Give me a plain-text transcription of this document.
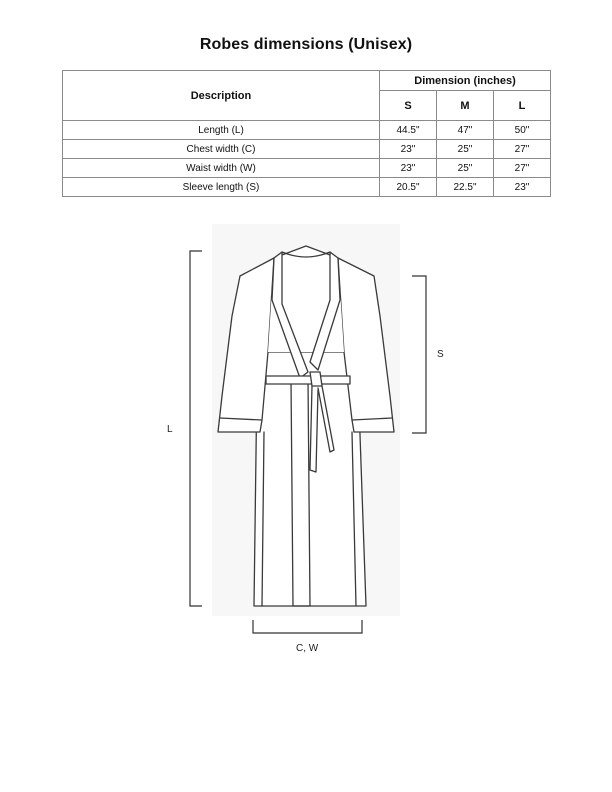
Robes dimensions (Unisex)
Description	Dimension (inches)		
	S	M	L
Length (L)	44.5"	47"	50"
Chest width (C)	23"	25"	27"
Waist width (W)	23"	25"	27"
Sleeve length (S)	20.5"	22.5"	23"
L
S
C, W
